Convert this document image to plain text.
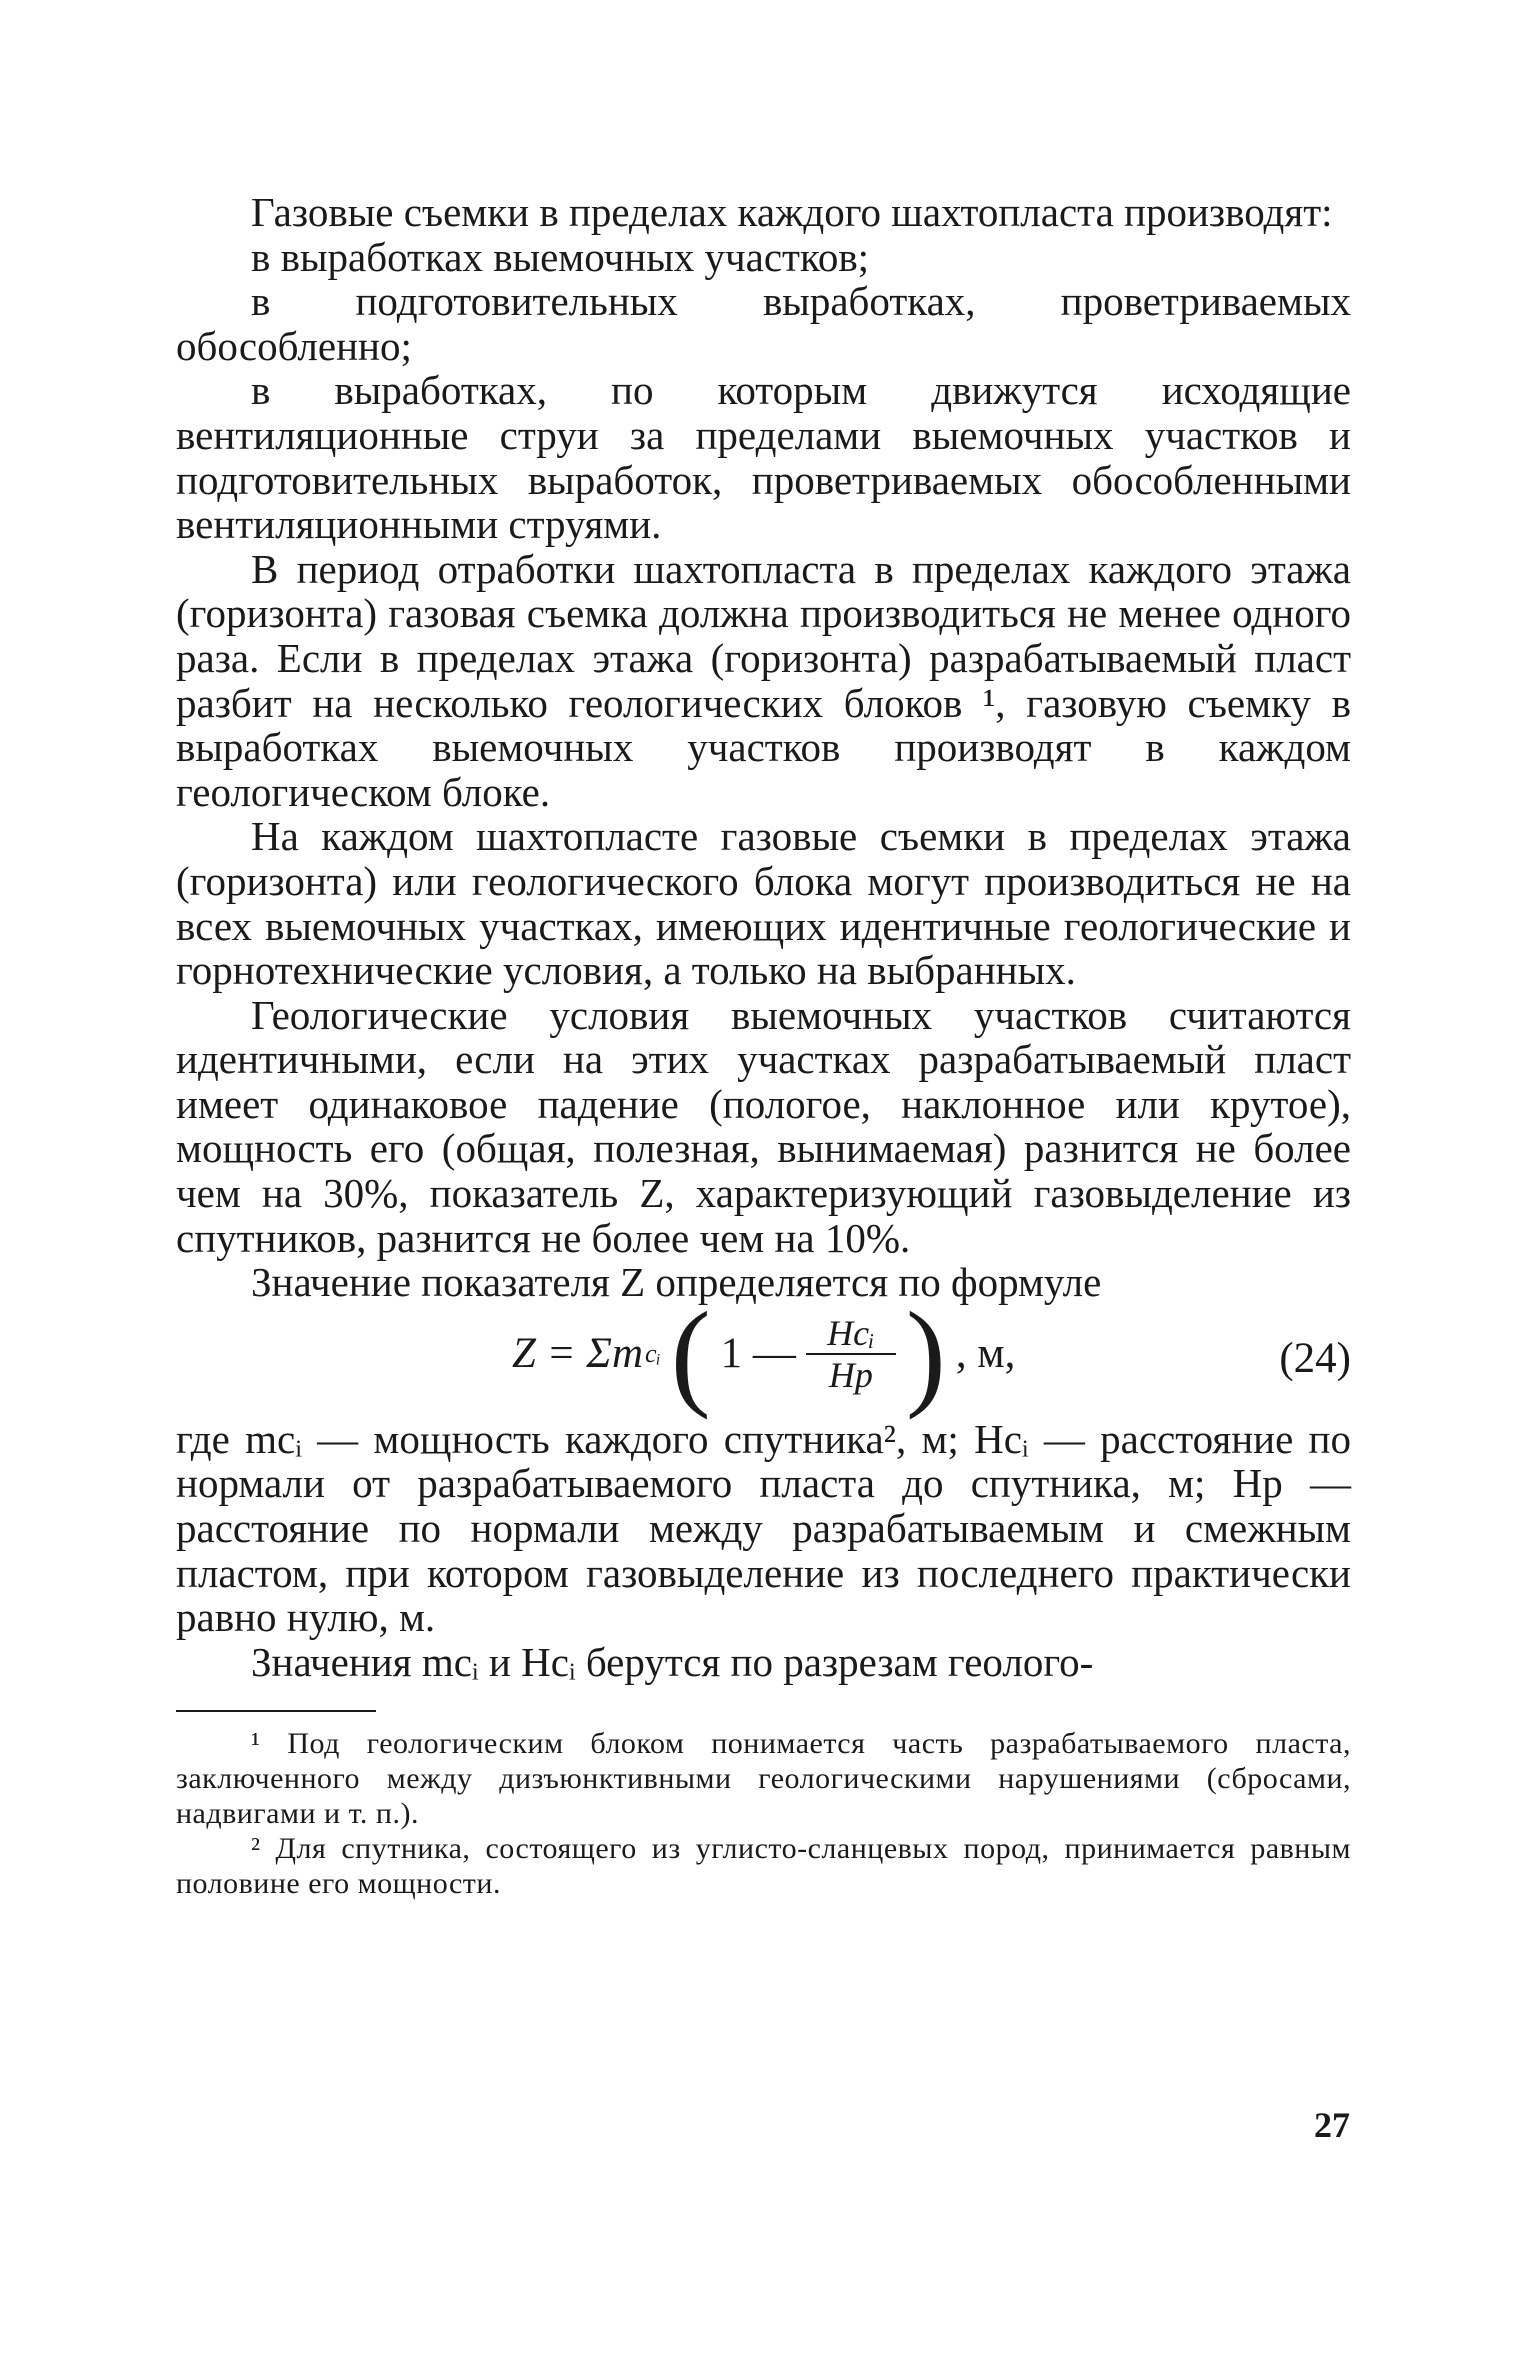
Газовые съемки в пределах каждого шахтопласта производят:

в выработках выемочных участков;

в подготовительных выработках, проветриваемых обособленно;

в выработках, по которым движутся исходящие вентиляционные струи за пределами выемочных участков и подготовительных выработок, проветриваемых обособленными вентиляционными струями.

В период отработки шахтопласта в пределах каждого этажа (горизонта) газовая съемка должна производиться не менее одного раза. Если в пределах этажа (горизонта) разрабатываемый пласт разбит на несколько геологических блоков ¹, газовую съемку в выработках выемочных участков производят в каждом геологическом блоке.

На каждом шахтопласте газовые съемки в пределах этажа (горизонта) или геологического блока могут производиться не на всех выемочных участках, имеющих идентичные геологические и горнотехнические условия, а только на выбранных.

Геологические условия выемочных участков считаются идентичными, если на этих участках разрабатываемый пласт имеет одинаковое падение (пологое, наклонное или крутое), мощность его (общая, полезная, вынимаемая) разнится не более чем на 30%, показатель Z, характеризующий газовыделение из спутников, разнится не более чем на 10%.

Значение показателя Z определяется по формуле

Z = Σm cᵢ ( 1 — $\frac{\text{Hcᵢ}}{Hp}$ ) , м,	(24)

где mcᵢ — мощность каждого спутника², м; Hcᵢ — расстояние по нормали от разрабатываемого пласта до спутника, м; Hp — расстояние по нормали между разрабатываемым и смежным пластом, при котором газовыделение из последнего практически равно нулю, м.

Значения mcᵢ и Hcᵢ берутся по разрезам геолого-

¹ Под геологическим блоком понимается часть разрабатываемого пласта, заключенного между дизъюнктивными геологическими нарушениями (сбросами, надвигами и т. п.).

² Для спутника, состоящего из углисто-сланцевых пород, принимается равным половине его мощности.

27
